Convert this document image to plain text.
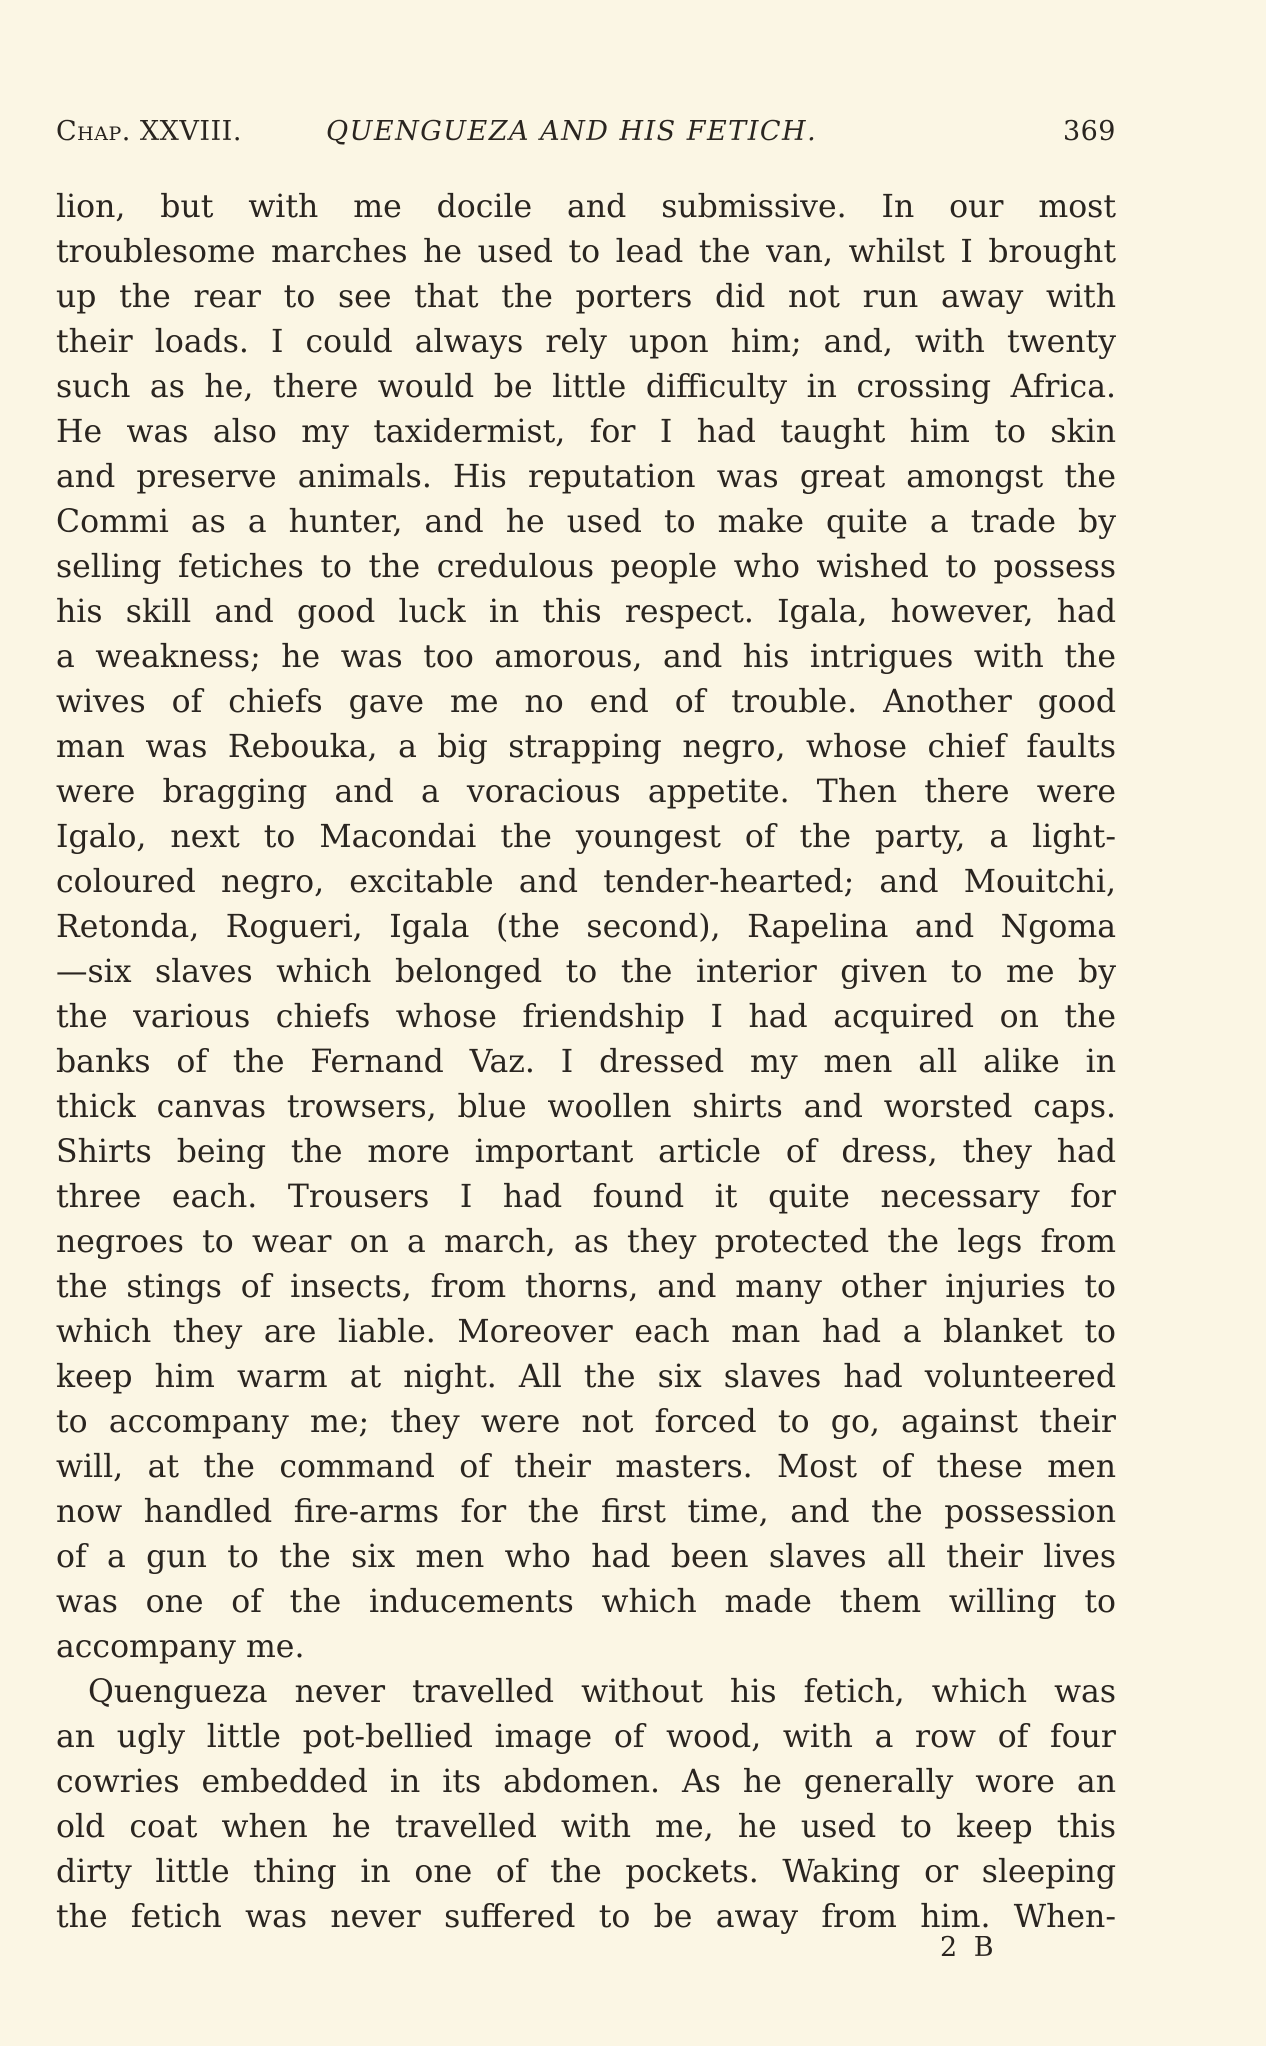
Chap. XXVIII.	QUENGUEZA AND HIS FETICH.	369
lion, but with me docile and submissive. In our most
troublesome marches he used to lead the van, whilst I brought
up the rear to see that the porters did not run away with
their loads. I could always rely upon him; and, with twenty
such as he, there would be little difficulty in crossing Africa.
He was also my taxidermist, for I had taught him to skin
and preserve animals. His reputation was great amongst the
Commi as a hunter, and he used to make quite a trade by
selling fetiches to the credulous people who wished to possess
his skill and good luck in this respect. Igala, however, had
a weakness; he was too amorous, and his intrigues with the
wives of chiefs gave me no end of trouble. Another good
man was Rebouka, a big strapping negro, whose chief faults
were bragging and a voracious appetite. Then there were
Igalo, next to Macondai the youngest of the party, a light-
coloured negro, excitable and tender-hearted; and Mouitchi,
Retonda, Rogueri, Igala (the second), Rapelina and Ngoma
—six slaves which belonged to the interior given to me by
the various chiefs whose friendship I had acquired on the
banks of the Fernand Vaz. I dressed my men all alike in
thick canvas trowsers, blue woollen shirts and worsted caps.
Shirts being the more important article of dress, they had
three each. Trousers I had found it quite necessary for
negroes to wear on a march, as they protected the legs from
the stings of insects, from thorns, and many other injuries to
which they are liable. Moreover each man had a blanket to
keep him warm at night. All the six slaves had volunteered
to accompany me; they were not forced to go, against their
will, at the command of their masters. Most of these men
now handled fire-arms for the first time, and the possession
of a gun to the six men who had been slaves all their lives
was one of the inducements which made them willing to
accompany me.
Quengueza never travelled without his fetich, which was
an ugly little pot-bellied image of wood, with a row of four
cowries embedded in its abdomen. As he generally wore an
old coat when he travelled with me, he used to keep this
dirty little thing in one of the pockets. Waking or sleeping
the fetich was never suffered to be away from him. When-
2 B
